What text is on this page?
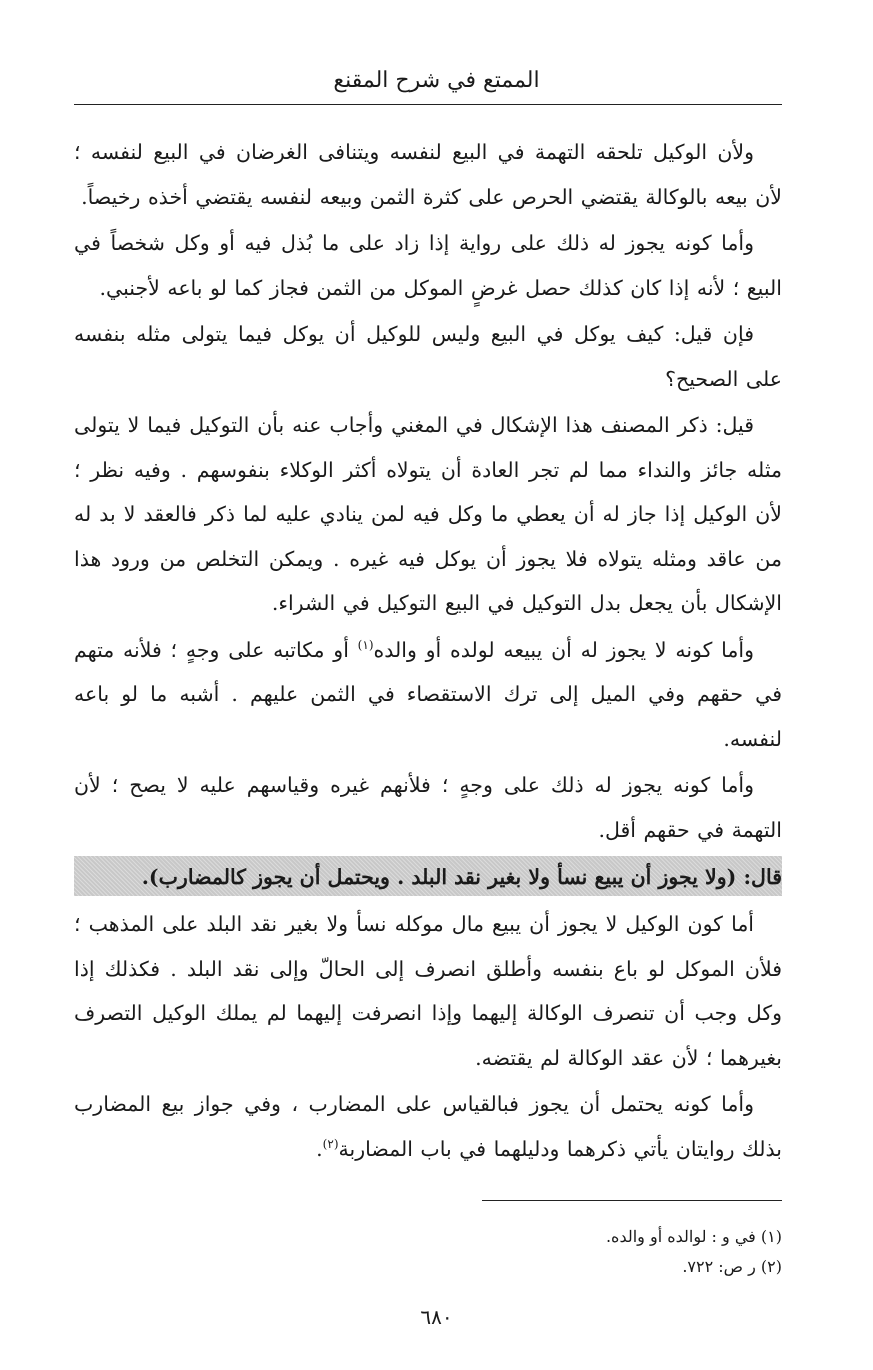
الممتع في شرح المقنع

ولأن الوكيل تلحقه التهمة في البيع لنفسه ويتنافى الغرضان في البيع لنفسه ؛ لأن بيعه بالوكالة يقتضي الحرص على كثرة الثمن وبيعه لنفسه يقتضي أخذه رخيصاً.

وأما كونه يجوز له ذلك على رواية إذا زاد على ما بُذل فيه أو وكل شخصاً في البيع ؛ لأنه إذا كان كذلك حصل غرضٍ الموكل من الثمن فجاز كما لو باعه لأجنبي.

فإن قيل: كيف يوكل في البيع وليس للوكيل أن يوكل فيما يتولى مثله بنفسه على الصحيح؟

قيل: ذكر المصنف هذا الإشكال في المغني وأجاب عنه بأن التوكيل فيما لا يتولى مثله جائز والنداء مما لم تجر العادة أن يتولاه أكثر الوكلاء بنفوسهم . وفيه نظر ؛ لأن الوكيل إذا جاز له أن يعطي ما وكل فيه لمن ينادي عليه لما ذكر فالعقد لا بد له من عاقد ومثله يتولاه فلا يجوز أن يوكل فيه غيره . ويمكن التخلص من ورود هذا الإشكال بأن يجعل بدل التوكيل في البيع التوكيل في الشراء.

وأما كونه لا يجوز له أن يبيعه لولده أو والده$^{(١)}$ أو مكاتبه على وجهٍ ؛ فلأنه متهم في حقهم وفي الميل إلى ترك الاستقصاء في الثمن عليهم . أشبه ما لو باعه لنفسه.

وأما كونه يجوز له ذلك على وجهٍ ؛ فلأنهم غيره وقياسهم عليه لا يصح ؛ لأن التهمة في حقهم أقل.

قال: (ولا يجوز أن يبيع نسأ ولا بغير نقد البلد . ويحتمل أن يجوز كالمضارب).

أما كون الوكيل لا يجوز أن يبيع مال موكله نسأ ولا بغير نقد البلد على المذهب ؛ فلأن الموكل لو باع بنفسه وأطلق انصرف إلى الحالّ وإلى نقد البلد . فكذلك إذا وكل وجب أن تنصرف الوكالة إليهما وإذا انصرفت إليهما لم يملك الوكيل التصرف بغيرهما ؛ لأن عقد الوكالة لم يقتضه.

وأما كونه يحتمل أن يجوز فبالقياس على المضارب ، وفي جواز بيع المضارب بذلك روايتان يأتي ذكرهما ودليلهما في باب المضاربة$^{(٢)}$.

(١) في و : لوالده أو والده.

(٢) ر ص: ٧٢٢.

٦٨٠
